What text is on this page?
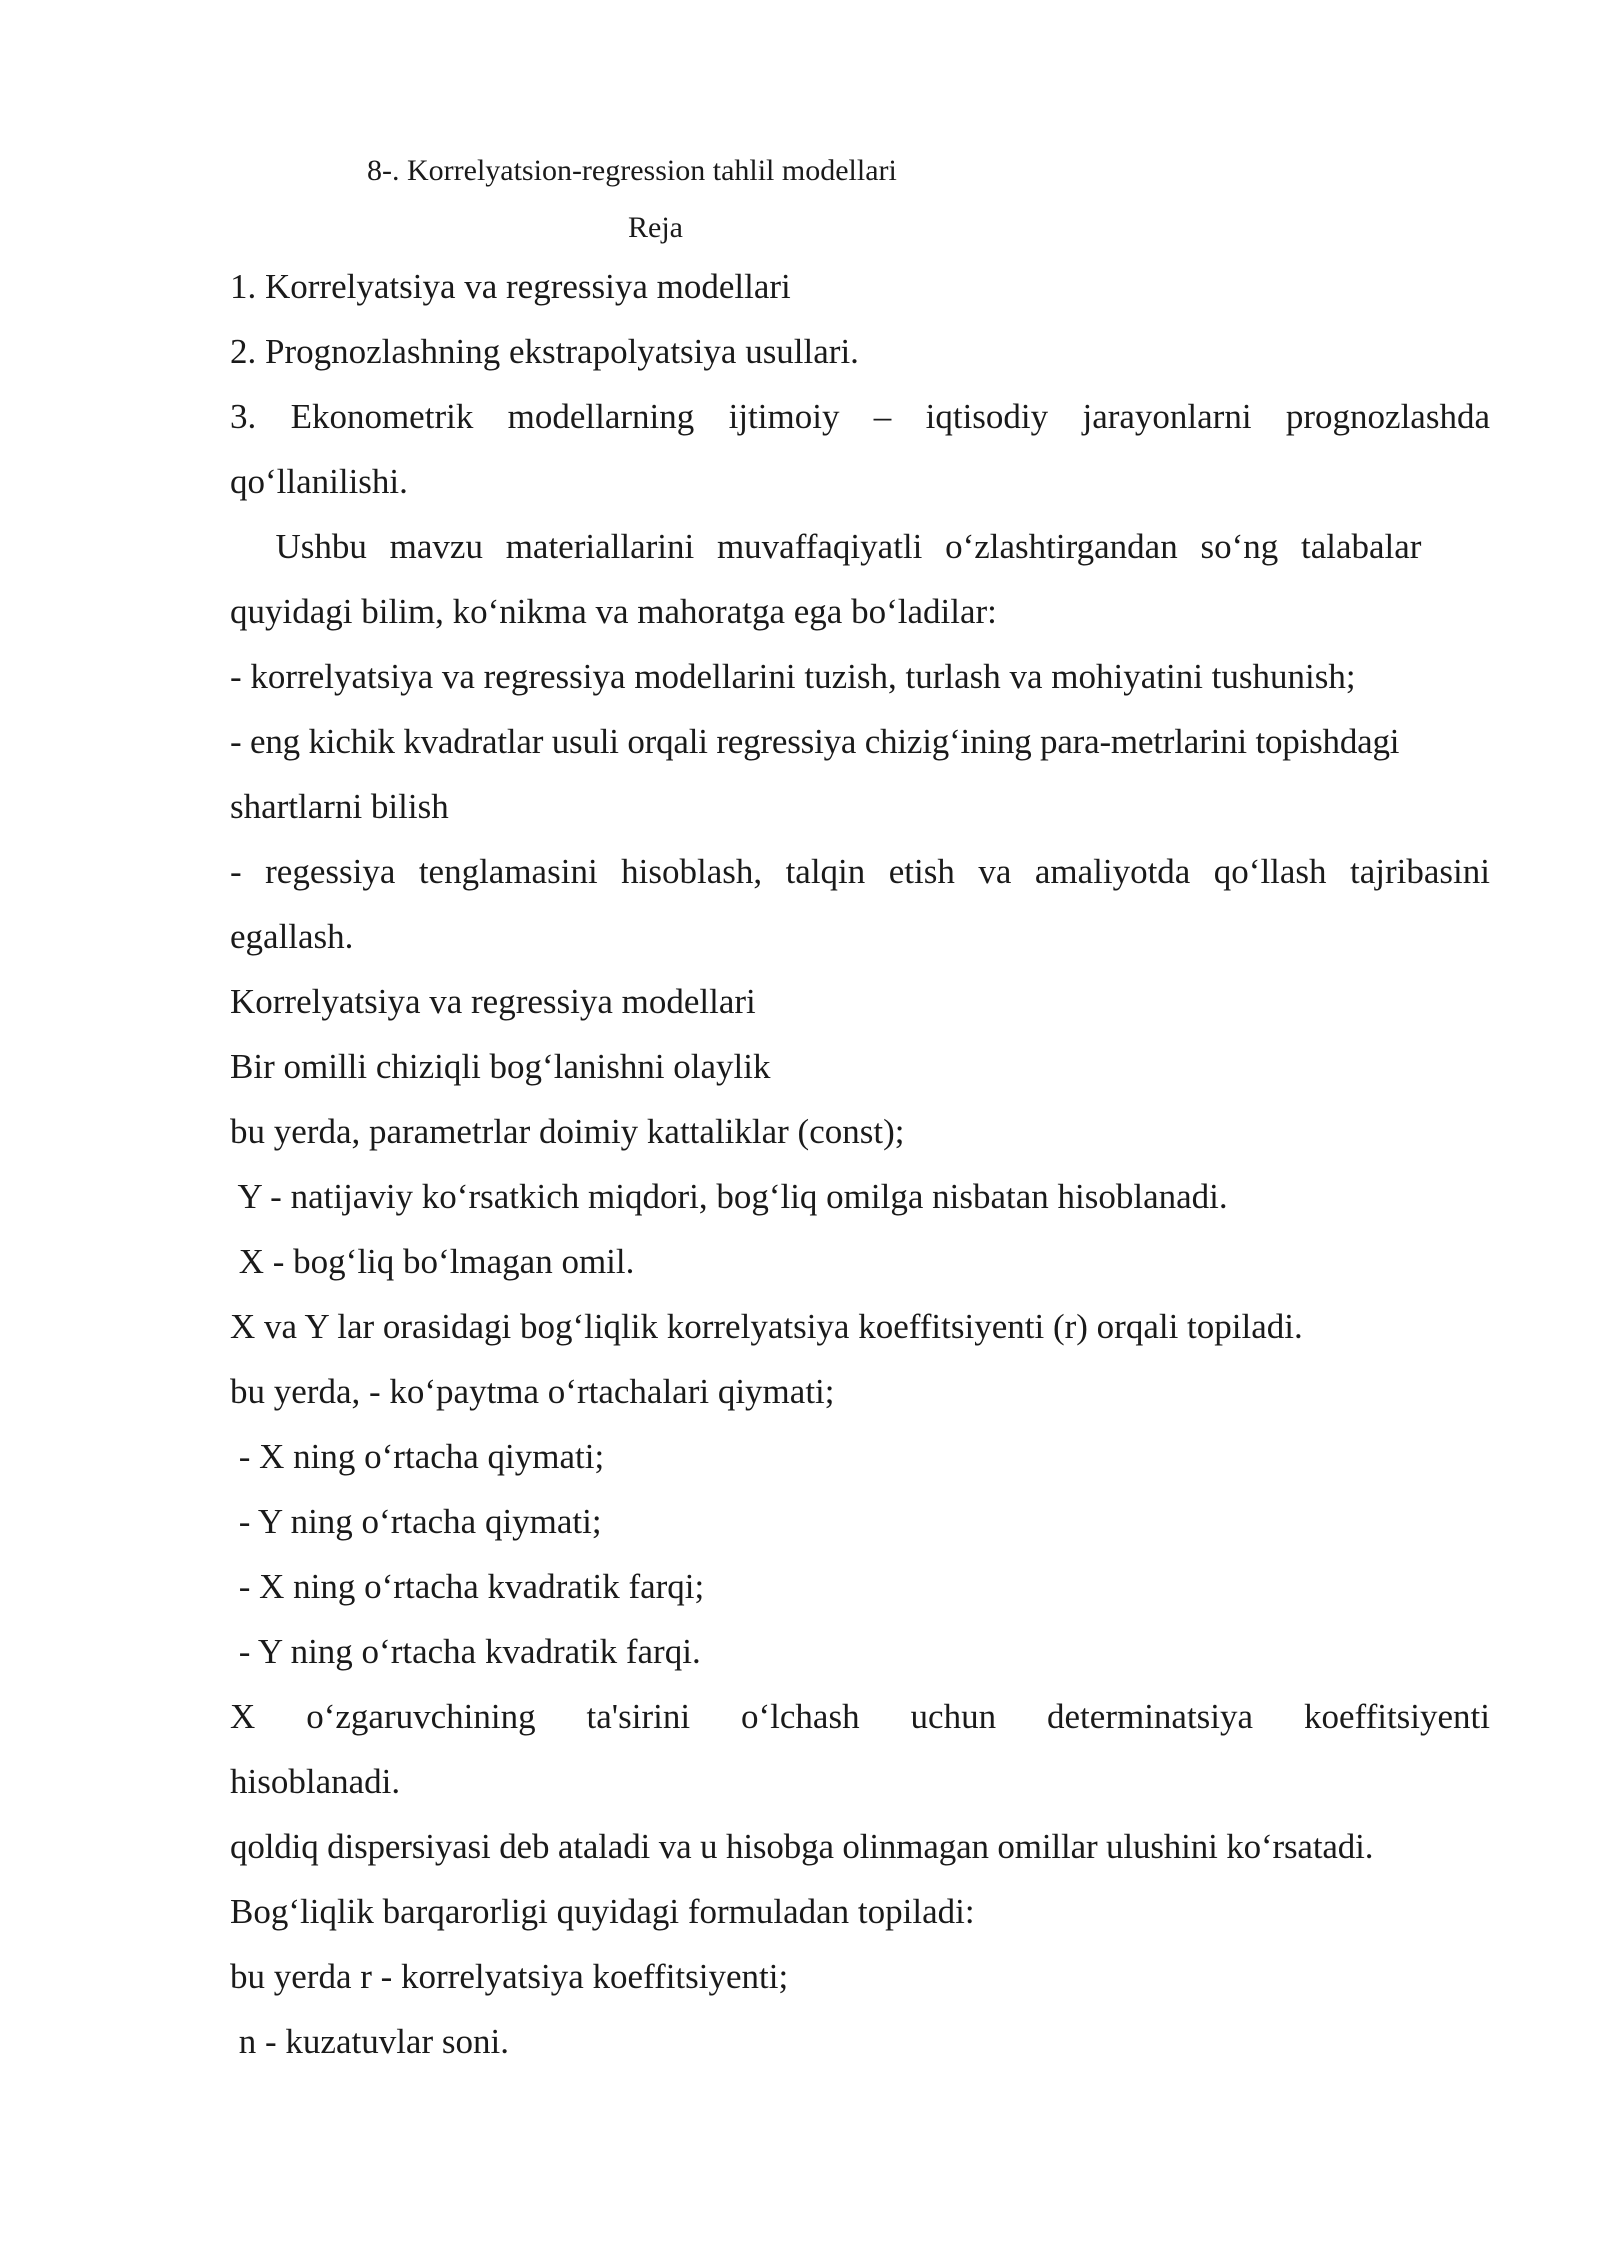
8-. Korrelyatsion-regression tahlil modellari
Reja
1. Korrelyatsiya va regressiya modellari
2. Prognozlashning ekstrapolyatsiya usullari.
3. Ekonometrik modellarning ijtimoiy – iqtisodiy jarayonlarni prognozlashda
qo‘llanilishi.
Ushbu mavzu materiallarini muvaffaqiyatli o‘zlashtirgandan so‘ng talabalar
quyidagi bilim, ko‘nikma va mahoratga ega bo‘ladilar:
- korrelyatsiya va regressiya modellarini tuzish, turlash va mohiyatini tushunish;
- eng kichik kvadratlar usuli orqali regressiya chizig‘ining para-metrlarini topishdagi
shartlarni bilish
- regessiya tenglamasini hisoblash, talqin etish va amaliyotda qo‘llash tajribasini
egallash.
Korrelyatsiya va regressiya modellari
Bir omilli chiziqli bog‘lanishni olaylik
bu yerda, parametrlar doimiy kattaliklar (const);
Y - natijaviy ko‘rsatkich miqdori, bog‘liq omilga nisbatan hisoblanadi.
X - bog‘liq bo‘lmagan omil.
X va Y lar orasidagi bog‘liqlik korrelyatsiya koeffitsiyenti (r) orqali topiladi.
bu yerda, - ko‘paytma o‘rtachalari qiymati;
- X ning o‘rtacha qiymati;
- Y ning o‘rtacha qiymati;
- X ning o‘rtacha kvadratik farqi;
- Y ning o‘rtacha kvadratik farqi.
X o‘zgaruvchining ta'sirini o‘lchash uchun determinatsiya koeffitsiyenti
hisoblanadi.
qoldiq dispersiyasi deb ataladi va u hisobga olinmagan omillar ulushini ko‘rsatadi.
Bog‘liqlik barqarorligi quyidagi formuladan topiladi:
bu yerda r - korrelyatsiya koeffitsiyenti;
n - kuzatuvlar soni.
